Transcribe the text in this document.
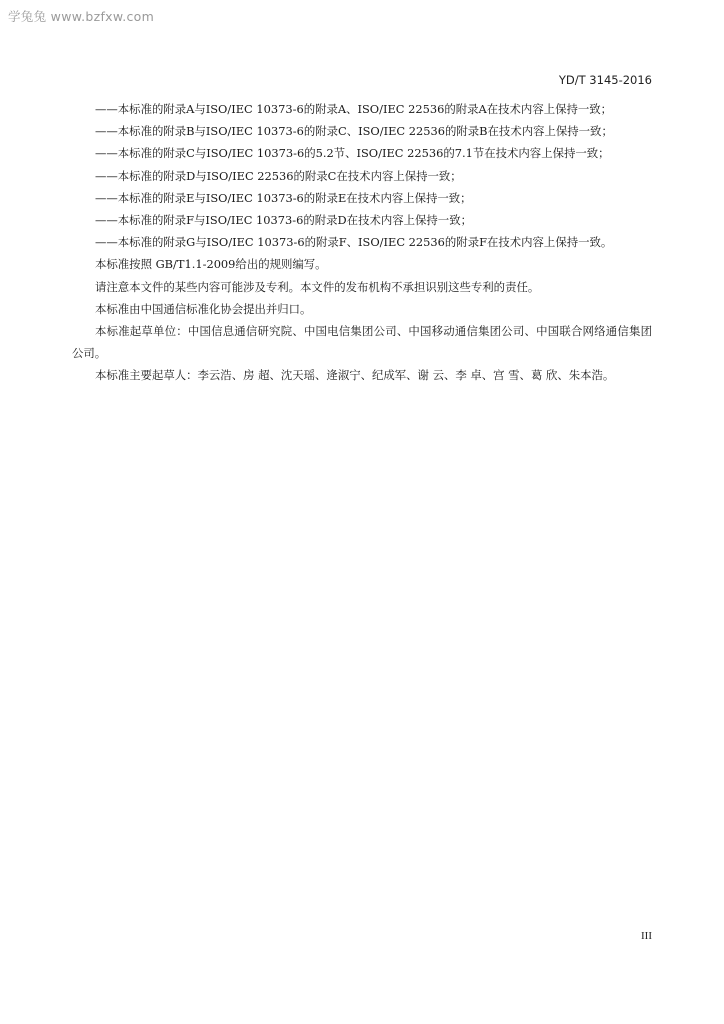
学兔兔 www.bzfxw.com
YD/T 3145-2016

——本标准的附录A与ISO/IEC 10373-6的附录A、ISO/IEC 22536的附录A在技术内容上保持一致；

——本标准的附录B与ISO/IEC 10373-6的附录C、ISO/IEC 22536的附录B在技术内容上保持一致；

——本标准的附录C与ISO/IEC 10373-6的5.2节、ISO/IEC 22536的7.1节在技术内容上保持一致；

——本标准的附录D与ISO/IEC 22536的附录C在技术内容上保持一致；

——本标准的附录E与ISO/IEC 10373-6的附录E在技术内容上保持一致；

——本标准的附录F与ISO/IEC 10373-6的附录D在技术内容上保持一致；

——本标准的附录G与ISO/IEC 10373-6的附录F、ISO/IEC 22536的附录F在技术内容上保持一致。

本标准按照 GB/T1.1-2009给出的规则编写。

请注意本文件的某些内容可能涉及专利。本文件的发布机构不承担识别这些专利的责任。

本标准由中国通信标准化协会提出并归口。

本标准起草单位：中国信息通信研究院、中国电信集团公司、中国移动通信集团公司、中国联合网络通信集团公司。

本标准主要起草人：李云浩、房 超、沈天瑶、逄淑宁、纪成军、谢 云、李 卓、宫 雪、葛 欣、朱本浩。

III
